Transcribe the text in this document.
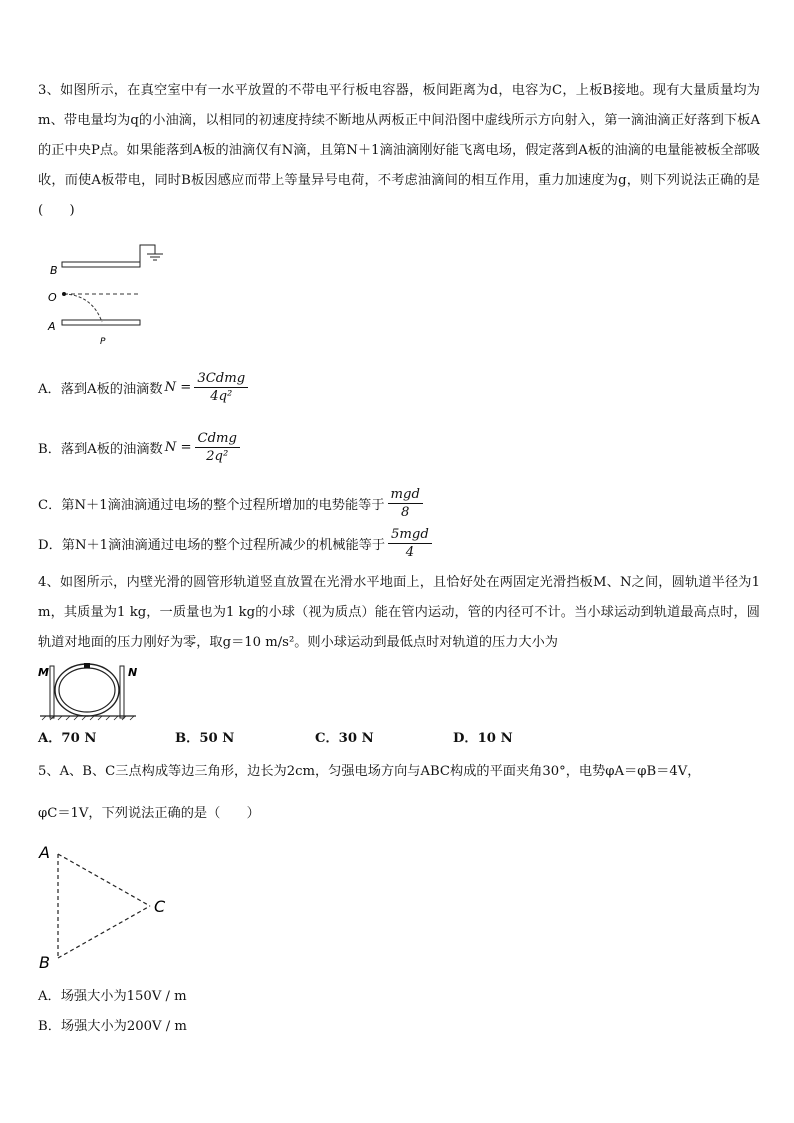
3、如图所示，在真空室中有一水平放置的不带电平行板电容器，板间距离为d，电容为C，上板B接地。现有大量质量均为m、带电量均为q的小油滴，以相同的初速度持续不断地从两板正中间沿图中虚线所示方向射入，第一滴油滴正好落到下板A的正中央P点。如果能落到A板的油滴仅有N滴，且第N＋1滴油滴刚好能飞离电场，假定落到A板的油滴的电量能被板全部吸收，而使A板带电，同时B板因感应而带上等量异号电荷，不考虑油滴间的相互作用，重力加速度为g，则下列说法正确的是(　　)
B
O
A
P
A．落到A板的油滴数 $N = \frac{\text{3Cdmg}}{\text{4q²}}$
B．落到A板的油滴数 $N = \frac{\text{Cdmg}}{\text{2q²}}$
C．第N＋1滴油滴通过电场的整个过程所增加的电势能等于 $\frac{\text{mgd}}{8}$
D．第N＋1滴油滴通过电场的整个过程所减少的机械能等于 $\frac{\text{5mgd}}{4}$
4、如图所示，内壁光滑的圆管形轨道竖直放置在光滑水平地面上，且恰好处在两固定光滑挡板M、N之间，圆轨道半径为1 m，其质量为1 kg，一质量也为1 kg的小球（视为质点）能在管内运动，管的内径可不计。当小球运动到轨道最高点时，圆轨道对地面的压力刚好为零，取g＝10 m/s²。则小球运动到最低点时对轨道的压力大小为
M	N
A．70 N	B．50 N	C．30 N	D．10 N
5、A、B、C三点构成等边三角形，边长为2cm，匀强电场方向与ABC构成的平面夹角30°，电势φA＝φB＝4V，
φC＝1V，下列说法正确的是（　　）
A
B
C
A．场强大小为150V / m
B．场强大小为200V / m
